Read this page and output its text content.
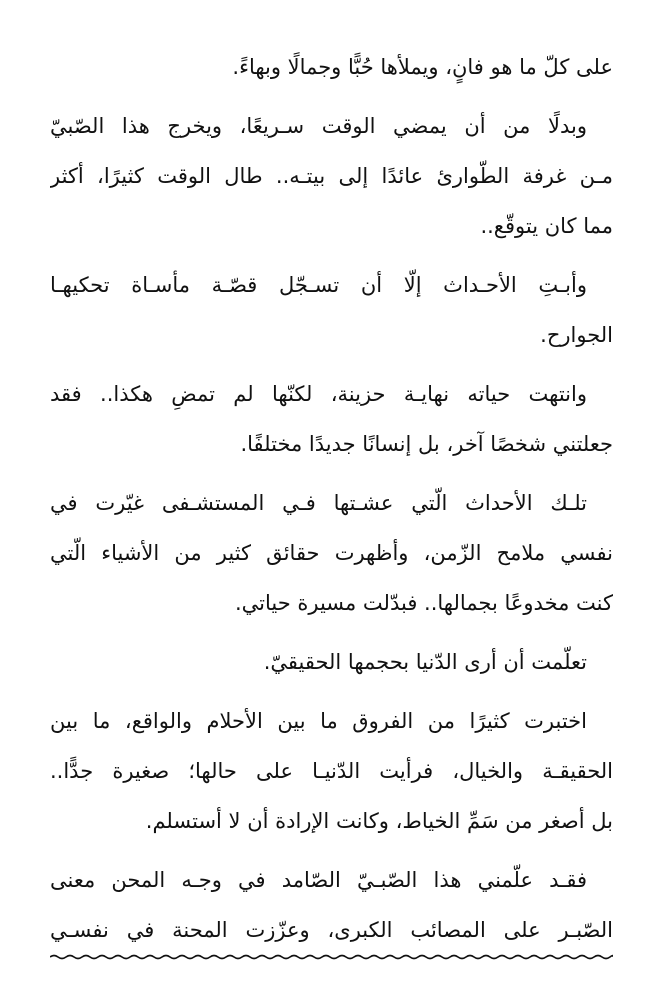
على كلّ ما هو فانٍ، ويملأها حُبًّا وجمالًا وبهاءً.
وبدلًا من أن يمضي الوقت سـريعًا، ويخرج هذا الصّبيّ
مـن غرفة الطّوارئ عائدًا إلى بيتـه.. طال الوقت كثيرًا، أكثر
مما كان يتوقّع..
وأبـتِ الأحـداث إلّا أن تسـجّل قصّـة مأسـاة تحكيهـا
الجوارح.
وانتهت حياته نهايـة حزينة، لكنّها لم تمضِ هكذا.. فقد
جعلتني شخصًا آخر، بل إنسانًا جديدًا مختلفًا.
تلـك الأحداث الّتي عشـتها فـي المستشـفى غيّرت في
نفسي ملامح الزّمن، وأظهرت حقائق كثير من الأشياء الّتي
كنت مخدوعًا بجمالها.. فبدّلت مسيرة حياتي.
تعلّمت أن أرى الدّنيا بحجمها الحقيقيّ.
اختبرت كثيرًا من الفروق ما بين الأحلام والواقع، ما بين
الحقيقـة والخيال، فرأيت الدّنيـا على حالها؛ صغيرة جدًّا..
بل أصغر من سَمِّ الخياط، وكانت الإرادة أن لا أستسلم.
فقـد علّمني هذا الصّبـيّ الصّامد في وجـه المحن معنى
الصّبـر على المصائب الكبرى، وعزّزت المحنة في نفسـي
